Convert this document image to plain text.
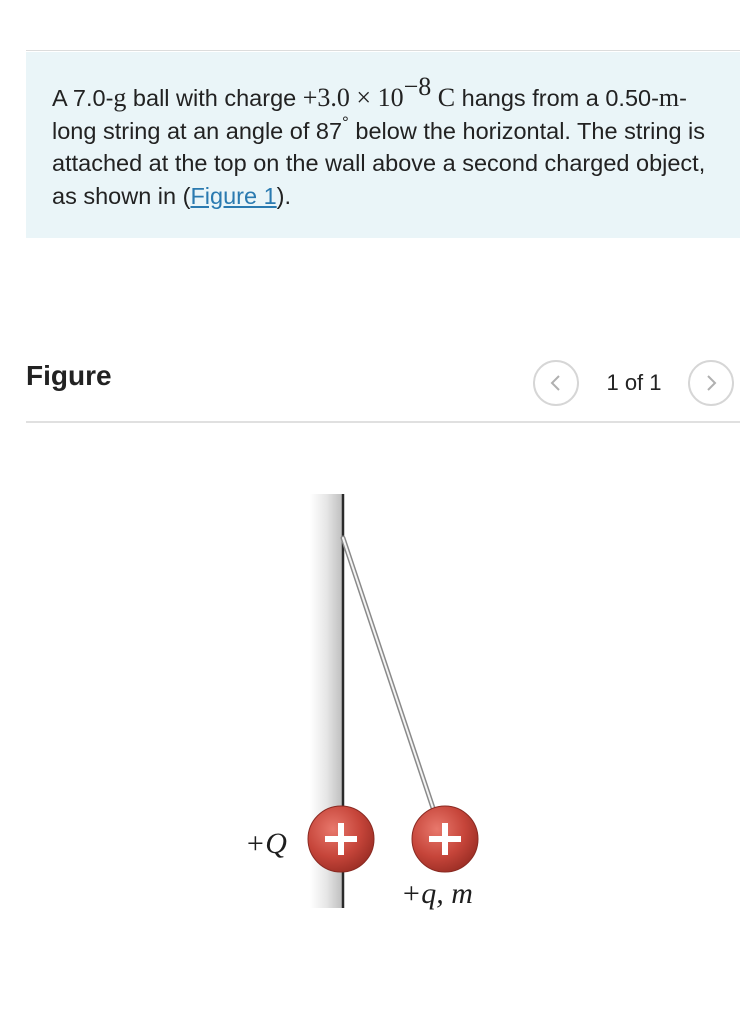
A 7.0-g ball with charge $+3.0 \times 10^{-8}$ C hangs from a 0.50-m-long string at an angle of 87° below the horizontal. The string is attached at the top on the wall above a second charged object, as shown in (Figure 1).
Figure	1 of 1
+Q
+q, m
